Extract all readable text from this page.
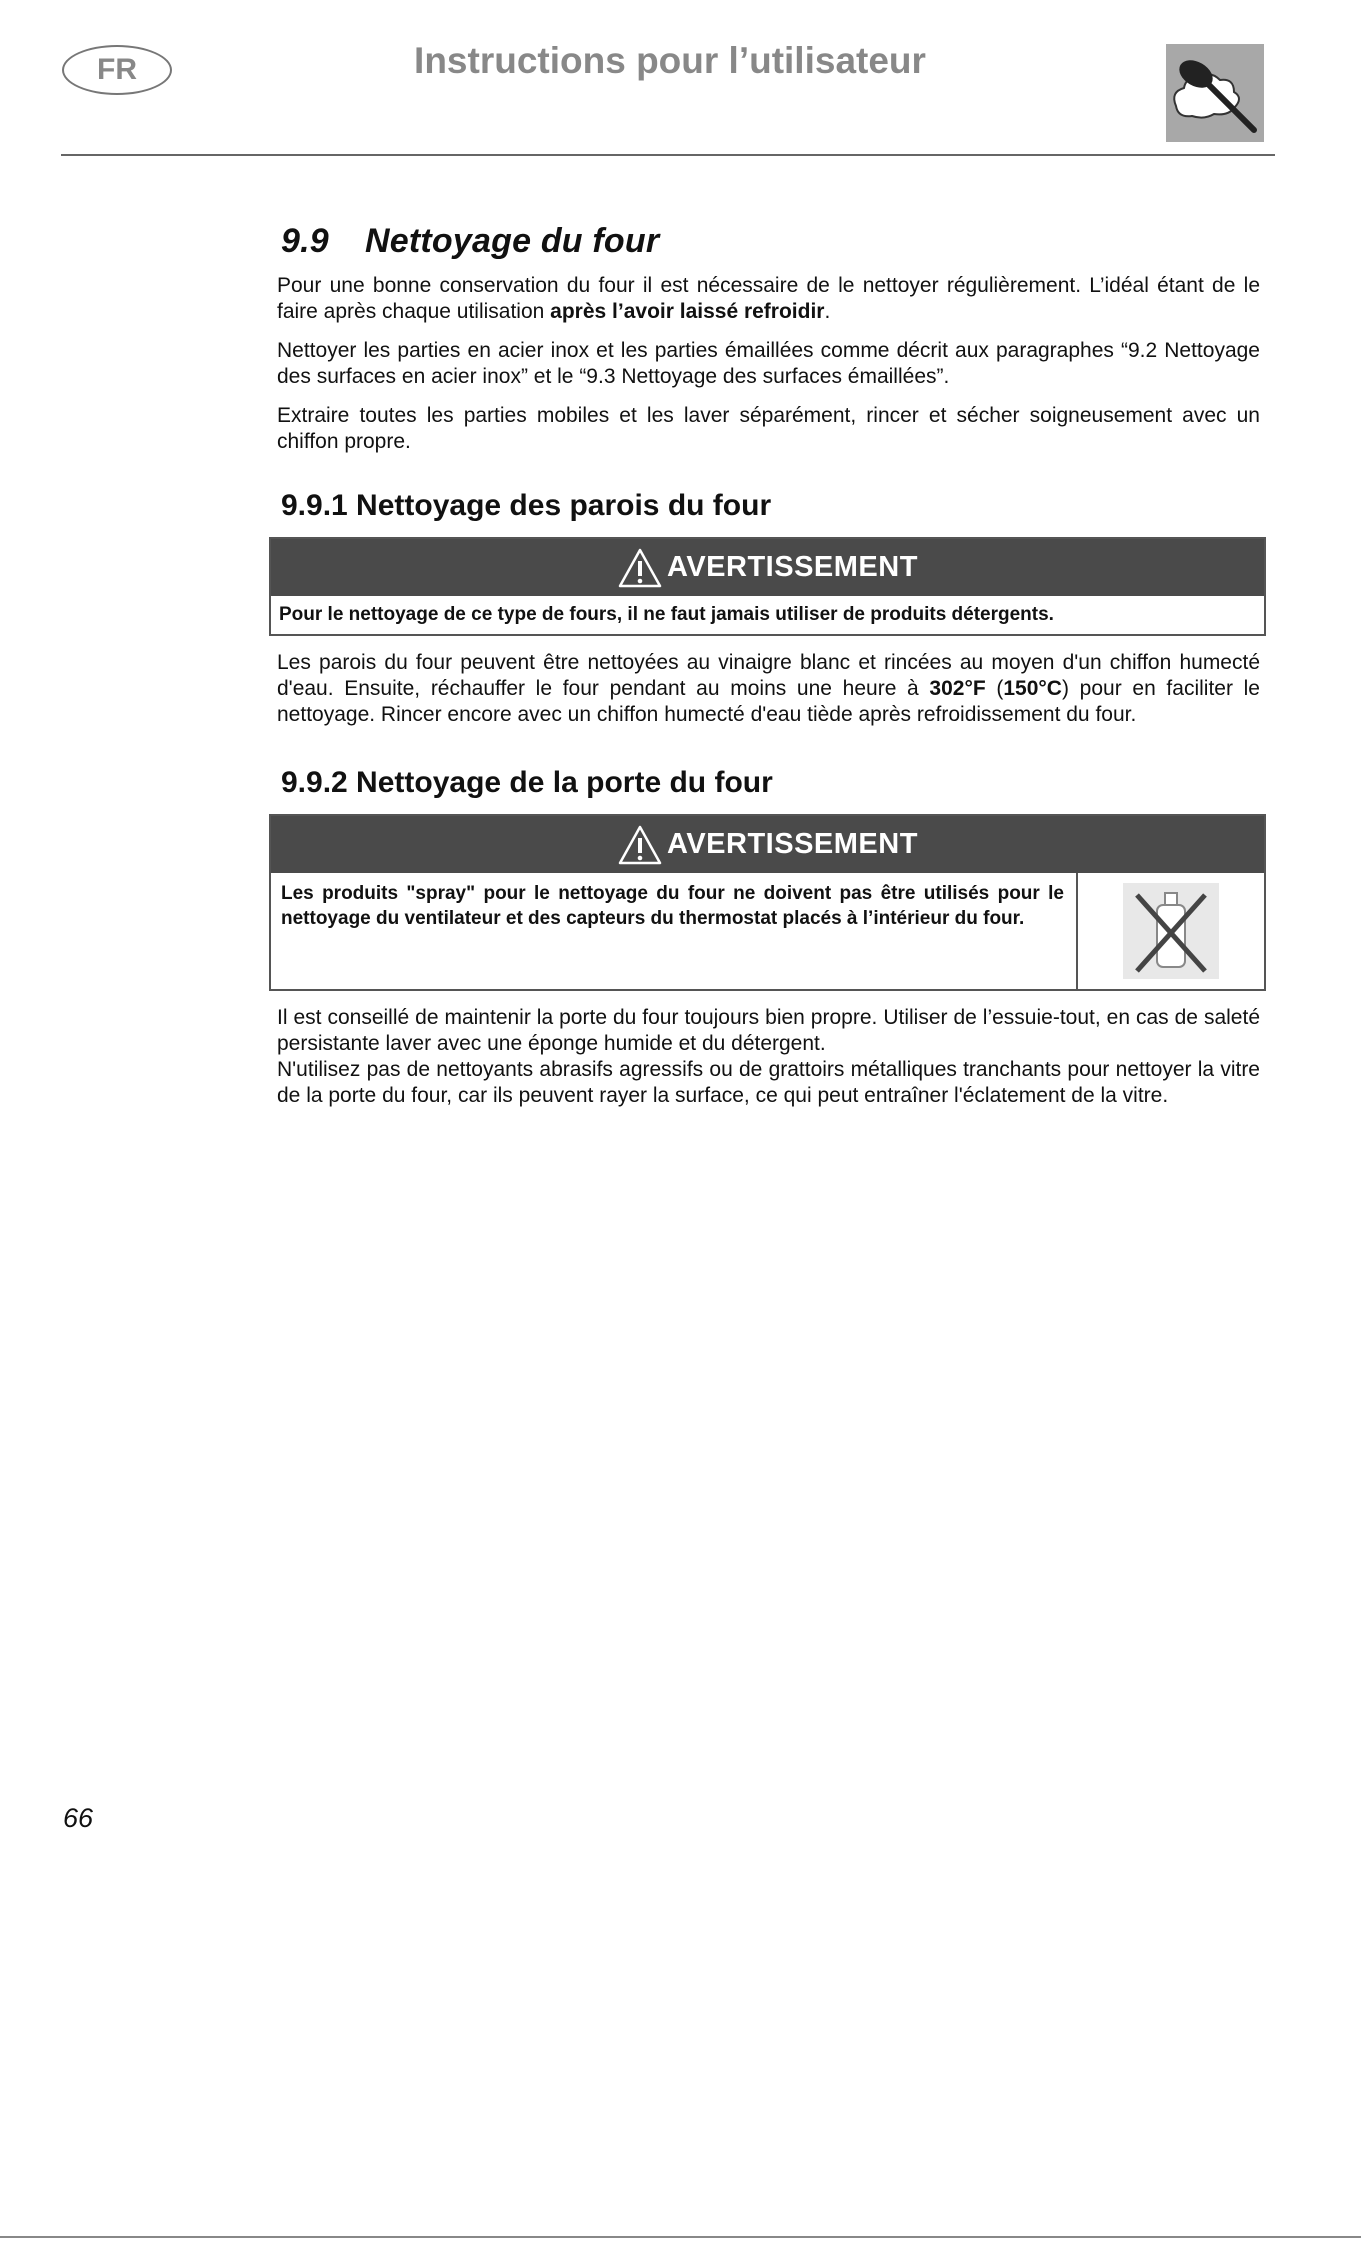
FR	Instructions pour l’utilisateur
9.9 Nettoyage du four

Pour une bonne conservation du four il est nécessaire de le nettoyer régulièrement. L’idéal étant de le faire après chaque utilisation après l’avoir laissé refroidir.

Nettoyer les parties en acier inox et les parties émaillées comme décrit aux paragraphes “9.2 Nettoyage des surfaces en acier inox” et le “9.3 Nettoyage des surfaces émaillées”.

Extraire toutes les parties mobiles et les laver séparément, rincer et sécher soigneusement avec un chiffon propre.

9.9.1 Nettoyage des parois du four
AVERTISSEMENT
Pour le nettoyage de ce type de fours, il ne faut jamais utiliser de produits détergents.

Les parois du four peuvent être nettoyées au vinaigre blanc et rincées au moyen d'un chiffon humecté d'eau. Ensuite, réchauffer le four pendant au moins une heure à 302°F (150°C) pour en faciliter le nettoyage. Rincer encore avec un chiffon humecté d'eau tiède après refroidissement du four.

9.9.2 Nettoyage de la porte du four
AVERTISSEMENT
Les produits "spray" pour le nettoyage du four ne doivent pas être utilisés pour le nettoyage du ventilateur et des capteurs du thermostat placés à l’intérieur du four.

Il est conseillé de maintenir la porte du four toujours bien propre. Utiliser de l’essuie-tout, en cas de saleté persistante laver avec une éponge humide et du détergent.

N'utilisez pas de nettoyants abrasifs agressifs ou de grattoirs métalliques tranchants pour nettoyer la vitre de la porte du four, car ils peuvent rayer la surface, ce qui peut entraîner l'éclatement de la vitre.

66
